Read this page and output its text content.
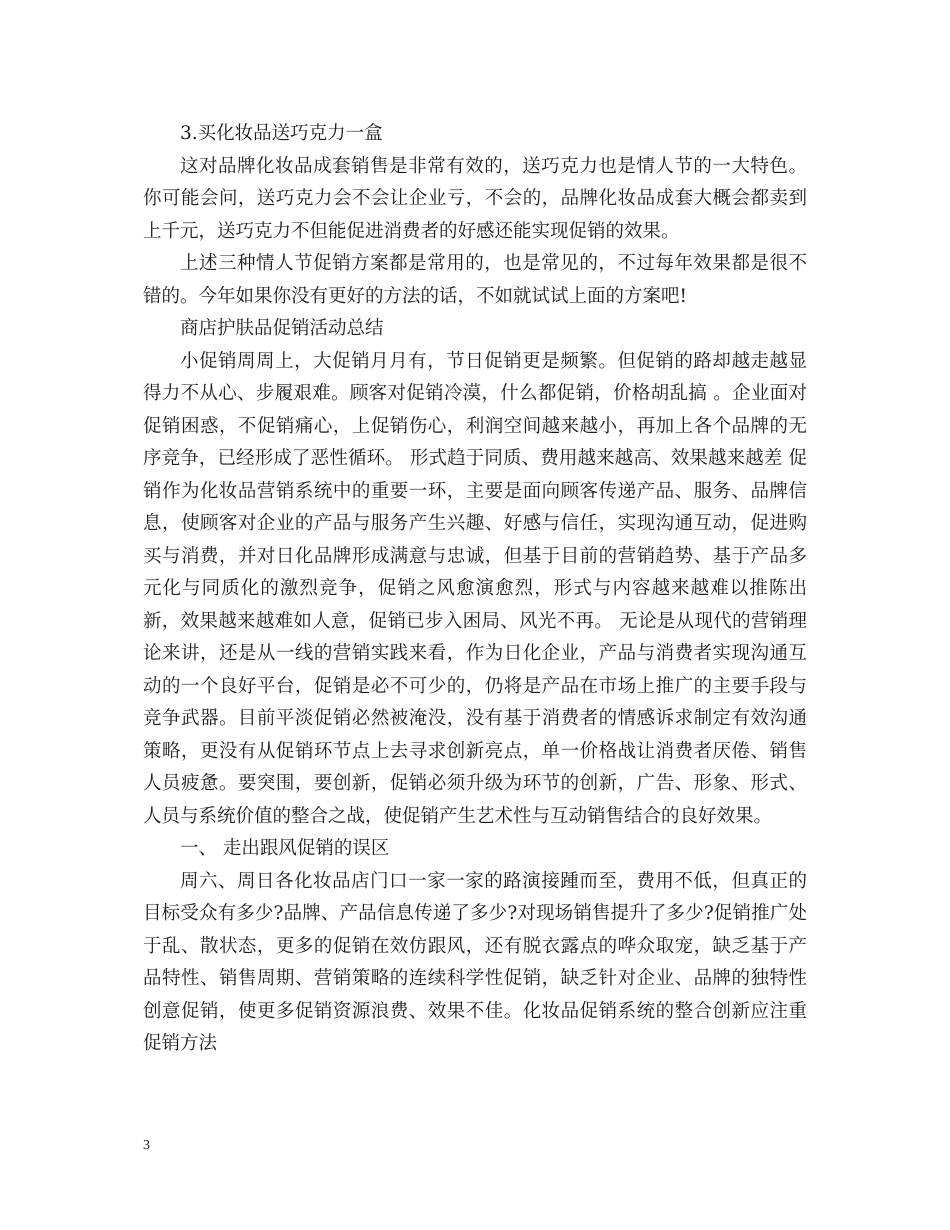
3.买化妆品送巧克力一盒

这对品牌化妆品成套销售是非常有效的，送巧克力也是情人节的一大特色。你可能会问，送巧克力会不会让企业亏，不会的，品牌化妆品成套大概会都卖到上千元，送巧克力不但能促进消费者的好感还能实现促销的效果。

上述三种情人节促销方案都是常用的，也是常见的，不过每年效果都是很不错的。今年如果你没有更好的方法的话，不如就试试上面的方案吧!

商店护肤品促销活动总结

小促销周周上，大促销月月有，节日促销更是频繁。但促销的路却越走越显得力不从心、步履艰难。顾客对促销冷漠，什么都促销，价格胡乱搞 。企业面对促销困惑，不促销痛心，上促销伤心，利润空间越来越小，再加上各个品牌的无序竞争，已经形成了恶性循环。 形式趋于同质、费用越来越高、效果越来越差 促销作为化妆品营销系统中的重要一环，主要是面向顾客传递产品、服务、品牌信息，使顾客对企业的产品与服务产生兴趣、好感与信任，实现沟通互动，促进购买与消费，并对日化品牌形成满意与忠诚，但基于目前的营销趋势、基于产品多元化与同质化的激烈竞争，促销之风愈演愈烈，形式与内容越来越难以推陈出新，效果越来越难如人意，促销已步入困局、风光不再。 无论是从现代的营销理论来讲，还是从一线的营销实践来看，作为日化企业，产品与消费者实现沟通互动的一个良好平台，促销是必不可少的，仍将是产品在市场上推广的主要手段与竞争武器。目前平淡促销必然被淹没，没有基于消费者的情感诉求制定有效沟通策略，更没有从促销环节点上去寻求创新亮点，单一价格战让消费者厌倦、销售人员疲惫。要突围，要创新，促销必须升级为环节的创新，广告、形象、形式、人员与系统价值的整合之战，使促销产生艺术性与互动销售结合的良好效果。

一、 走出跟风促销的误区

周六、周日各化妆品店门口一家一家的路演接踵而至，费用不低，但真正的目标受众有多少?品牌、产品信息传递了多少?对现场销售提升了多少?促销推广处于乱、散状态，更多的促销在效仿跟风，还有脱衣露点的哗众取宠，缺乏基于产品特性、销售周期、营销策略的连续科学性促销，缺乏针对企业、品牌的独特性创意促销，使更多促销资源浪费、效果不佳。化妆品促销系统的整合创新应注重促销方法

3
